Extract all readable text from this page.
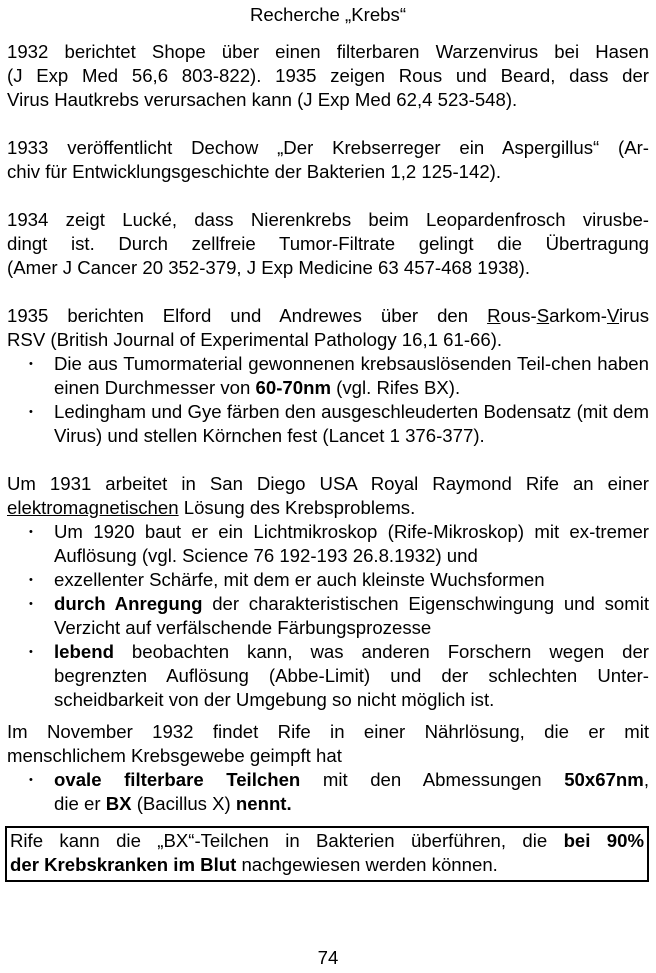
Recherche „Krebs“

1932 berichtet Shope über einen filterbaren Warzenvirus bei Hasen

(J Exp Med 56,6 803-822). 1935 zeigen Rous und Beard, dass der

Virus Hautkrebs verursachen kann (J Exp Med 62,4 523-548).

1933 veröffentlicht Dechow „Der Krebserreger ein Aspergillus“ (Ar-

chiv für Entwicklungsgeschichte der Bakterien 1,2 125-142).

1934 zeigt Lucké, dass Nierenkrebs beim Leopardenfrosch virusbe-

dingt ist. Durch zellfreie Tumor-Filtrate gelingt die Übertragung

(Amer J Cancer 20 352-379, J Exp Medicine 63 457-468 1938).

1935 berichten Elford und Andrewes über den Rous-Sarkom-Virus

RSV (British Journal of Experimental Pathology 16,1 61-66).

• Die aus Tumormaterial gewonnenen krebsauslösenden Teil-chen haben einen Durchmesser von 60-70nm (vgl. Rifes BX).
• Ledingham und Gye färben den ausgeschleuderten Bodensatz (mit dem Virus) und stellen Körnchen fest (Lancet 1 376-377).

Um 1931 arbeitet in San Diego USA Royal Raymond Rife an einer

elektromagnetischen Lösung des Krebsproblems.

• Um 1920 baut er ein Lichtmikroskop (Rife-Mikroskop) mit ex-tremer Auflösung (vgl. Science 76 192-193 26.8.1932) und
• exzellenter Schärfe, mit dem er auch kleinste Wuchsformen
• durch Anregung der charakteristischen Eigenschwingung und somit Verzicht auf verfälschende Färbungsprozesse
• lebend beobachten kann, was anderen Forschern wegen der begrenzten Auflösung (Abbe-Limit) und der schlechten Unter-scheidbarkeit von der Umgebung so nicht möglich ist.

Im November 1932 findet Rife in einer Nährlösung, die er mit

menschlichem Krebsgewebe geimpft hat

• ovale filterbare Teilchen mit den Abmessungen 50x67nm,
die er BX (Bacillus X) nennt.

Rife kann die „BX“-Teilchen in Bakterien überführen, die bei 90%

der Krebskranken im Blut nachgewiesen werden können.

74
